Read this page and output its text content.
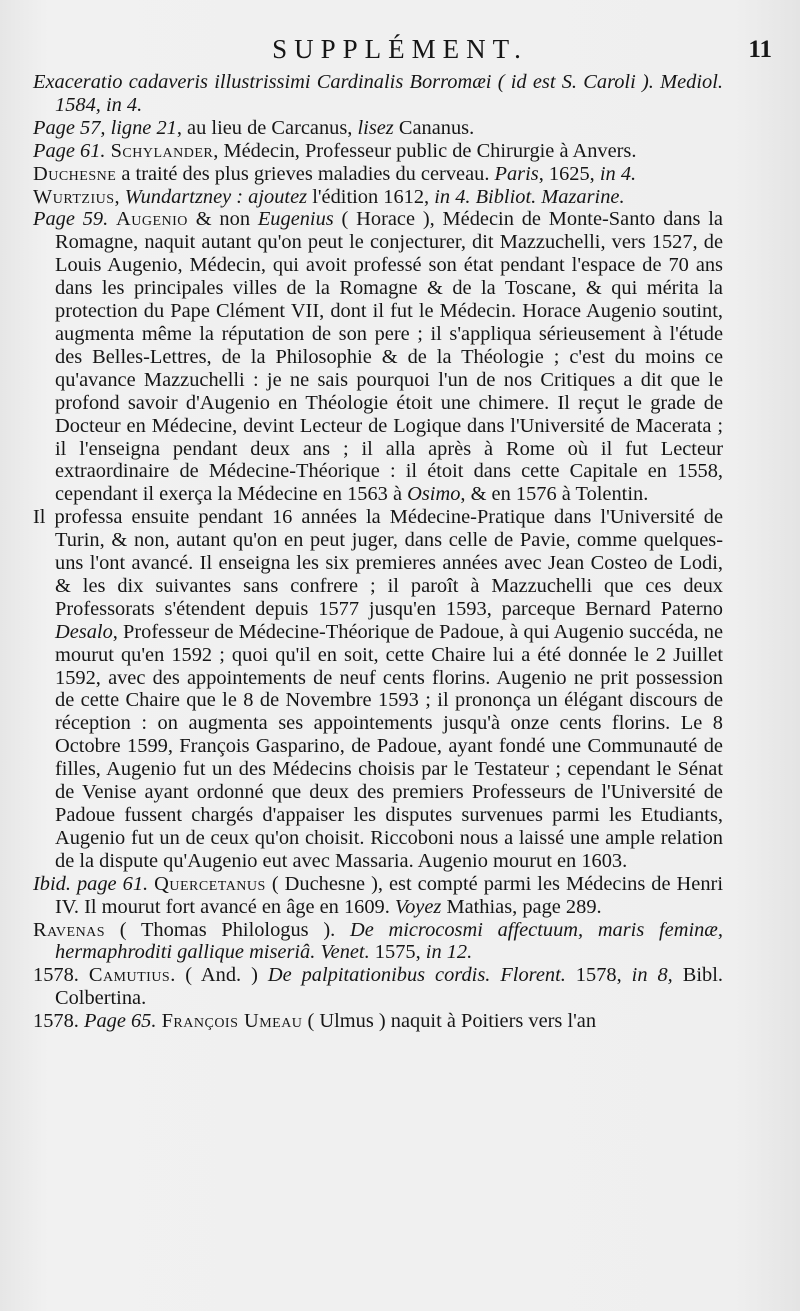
SUPPLÉMENT.	11

Exaceratio cadaveris illustrissimi Cardinalis Borromæi ( id est S. Caroli ). Mediol. 1584, in 4.

Page 57, ligne 21, au lieu de Carcanus, lisez Cananus.

Page 61. Schylander, Médecin, Professeur public de Chirurgie à Anvers.

Duchesne a traité des plus grieves maladies du cerveau. Paris, 1625, in 4.

Wurtzius, Wundartzney : ajoutez l'édition 1612, in 4. Bibliot. Mazarine.

Page 59. Augenio & non Eugenius ( Horace ), Médecin de Monte-Santo dans la Romagne, naquit autant qu'on peut le conjecturer, dit Mazzuchelli, vers 1527, de Louis Augenio, Médecin, qui avoit professé son état pendant l'espace de 70 ans dans les principales villes de la Romagne & de la Toscane, & qui mérita la protection du Pape Clément VII, dont il fut le Médecin. Horace Augenio soutint, augmenta même la réputation de son pere ; il s'appliqua sérieusement à l'étude des Belles-Lettres, de la Philosophie & de la Théologie ; c'est du moins ce qu'avance Mazzuchelli : je ne sais pourquoi l'un de nos Critiques a dit que le profond savoir d'Augenio en Théologie étoit une chimere. Il reçut le grade de Docteur en Médecine, devint Lecteur de Logique dans l'Université de Macerata ; il l'enseigna pendant deux ans ; il alla après à Rome où il fut Lecteur extraordinaire de Médecine-Théorique : il étoit dans cette Capitale en 1558, cependant il exerça la Médecine en 1563 à Osimo, & en 1576 à Tolentin.

Il professa ensuite pendant 16 années la Médecine-Pratique dans l'Université de Turin, & non, autant qu'on en peut juger, dans celle de Pavie, comme quelques-uns l'ont avancé. Il enseigna les six premieres années avec Jean Costeo de Lodi, & les dix suivantes sans confrere ; il paroît à Mazzuchelli que ces deux Professorats s'étendent depuis 1577 jusqu'en 1593, parceque Bernard Paterno Desalo, Professeur de Médecine-Théorique de Padoue, à qui Augenio succéda, ne mourut qu'en 1592 ; quoi qu'il en soit, cette Chaire lui a été donnée le 2 Juillet 1592, avec des appointements de neuf cents florins. Augenio ne prit possession de cette Chaire que le 8 de Novembre 1593 ; il prononça un élégant discours de réception : on augmenta ses appointements jusqu'à onze cents florins. Le 8 Octobre 1599, François Gasparino, de Padoue, ayant fondé une Communauté de filles, Augenio fut un des Médecins choisis par le Testateur ; cependant le Sénat de Venise ayant ordonné que deux des premiers Professeurs de l'Université de Padoue fussent chargés d'appaiser les disputes survenues parmi les Etudiants, Augenio fut un de ceux qu'on choisit. Riccoboni nous a laissé une ample relation de la dispute qu'Augenio eut avec Massaria. Augenio mourut en 1603.

Ibid. page 61. Quercetanus ( Duchesne ), est compté parmi les Médecins de Henri IV. Il mourut fort avancé en âge en 1609. Voyez Mathias, page 289.

Ravenas ( Thomas Philologus ). De microcosmi affectuum, maris feminæ, hermaphroditi gallique miseriâ. Venet. 1575, in 12.

1578. Camutius. ( And. ) De palpitationibus cordis. Florent. 1578, in 8, Bibl. Colbertina.

1578. Page 65. François Umeau ( Ulmus ) naquit à Poitiers vers l'an
